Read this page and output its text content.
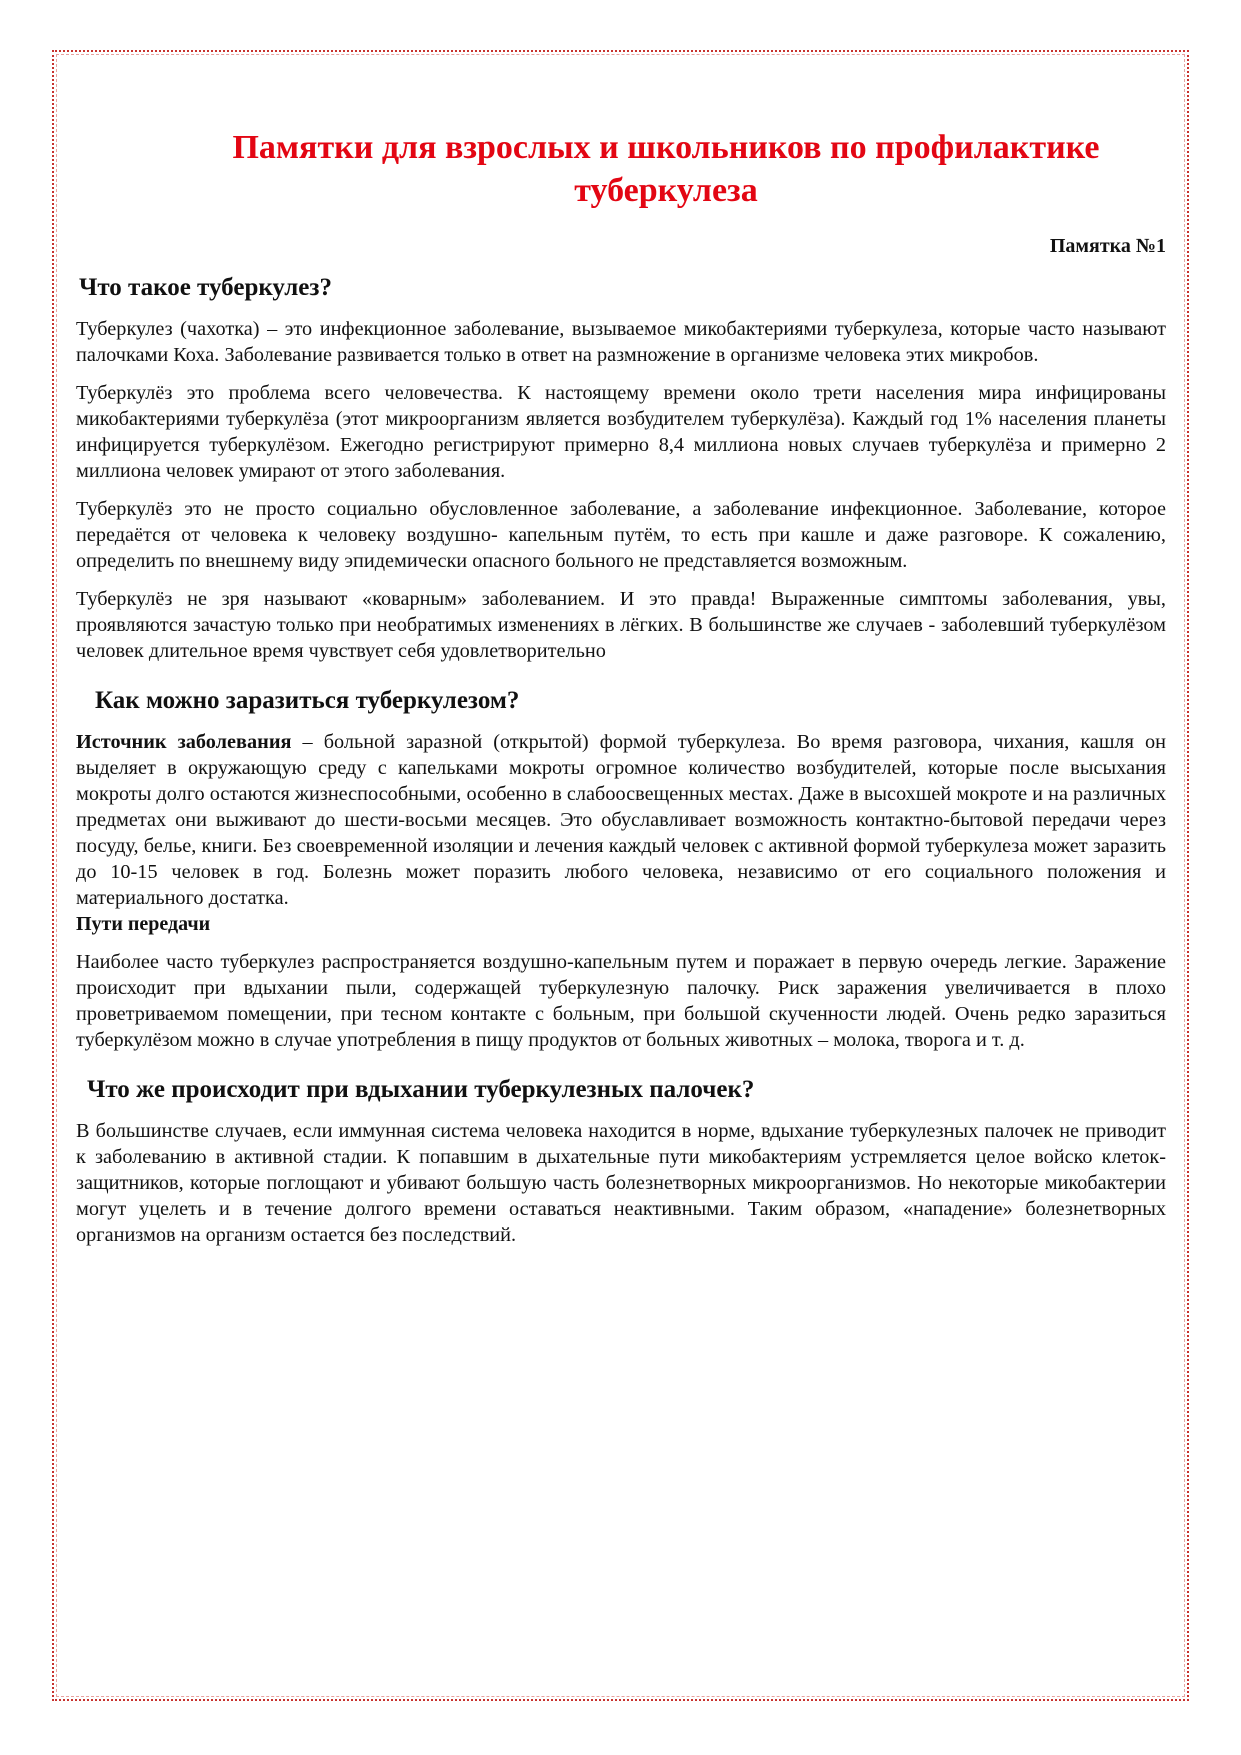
Памятки для взрослых и школьников по профилактике туберкулеза
Памятка №1
Что такое туберкулез?

Туберкулез (чахотка) – это инфекционное заболевание, вызываемое микобактериями туберкулеза, которые часто называют палочками Коха. Заболевание развивается только в ответ на размножение в организме человека этих микробов.

Туберкулёз это проблема всего человечества. К настоящему времени около трети населения мира инфицированы микобактериями туберкулёза (этот микроорганизм является возбудителем туберкулёза). Каждый год 1% населения планеты инфицируется туберкулёзом. Ежегодно регистрируют примерно 8,4 миллиона новых случаев туберкулёза и примерно 2 миллиона человек умирают от этого заболевания.

Туберкулёз это не просто социально обусловленное заболевание, а заболевание инфекционное. Заболевание, которое передаётся от человека к человеку воздушно- капельным путём, то есть при кашле и даже разговоре. К сожалению, определить по внешнему виду эпидемически опасного больного не представляется возможным.

Туберкулёз не зря называют «коварным» заболеванием. И это правда! Выраженные симптомы заболевания, увы, проявляются зачастую только при необратимых изменениях в лёгких. В большинстве же случаев - заболевший туберкулёзом человек длительное время чувствует себя удовлетворительно

Как можно заразиться туберкулезом?

Источник заболевания – больной заразной (открытой) формой туберкулеза. Во время разговора, чихания, кашля он выделяет в окружающую среду с капельками мокроты огромное количество возбудителей, которые после высыхания мокроты долго остаются жизнеспособными, особенно в слабоосвещенных местах. Даже в высохшей мокроте и на различных предметах они выживают до шести-восьми месяцев. Это обуславливает возможность контактно-бытовой передачи через посуду, белье, книги. Без своевременной изоляции и лечения каждый человек с активной формой туберкулеза может заразить до 10-15 человек в год. Болезнь может поразить любого человека, независимо от его социального положения и материального достатка.

Пути передачи

Наиболее часто туберкулез распространяется воздушно-капельным путем и поражает в первую очередь легкие. Заражение происходит при вдыхании пыли, содержащей туберкулезную палочку. Риск заражения увеличивается в плохо проветриваемом помещении, при тесном контакте с больным, при большой скученности людей. Очень редко заразиться туберкулёзом можно в случае употребления в пищу продуктов от больных животных – молока, творога и т. д.

Что же происходит при вдыхании туберкулезных палочек?

В большинстве случаев, если иммунная система человека находится в норме, вдыхание туберкулезных палочек не приводит к заболеванию в активной стадии. К попавшим в дыхательные пути микобактериям устремляется целое войско клеток-защитников, которые поглощают и убивают большую часть болезнетворных микроорганизмов. Но некоторые микобактерии могут уцелеть и в течение долгого времени оставаться неактивными. Таким образом, «нападение» болезнетворных организмов на организм остается без последствий.
